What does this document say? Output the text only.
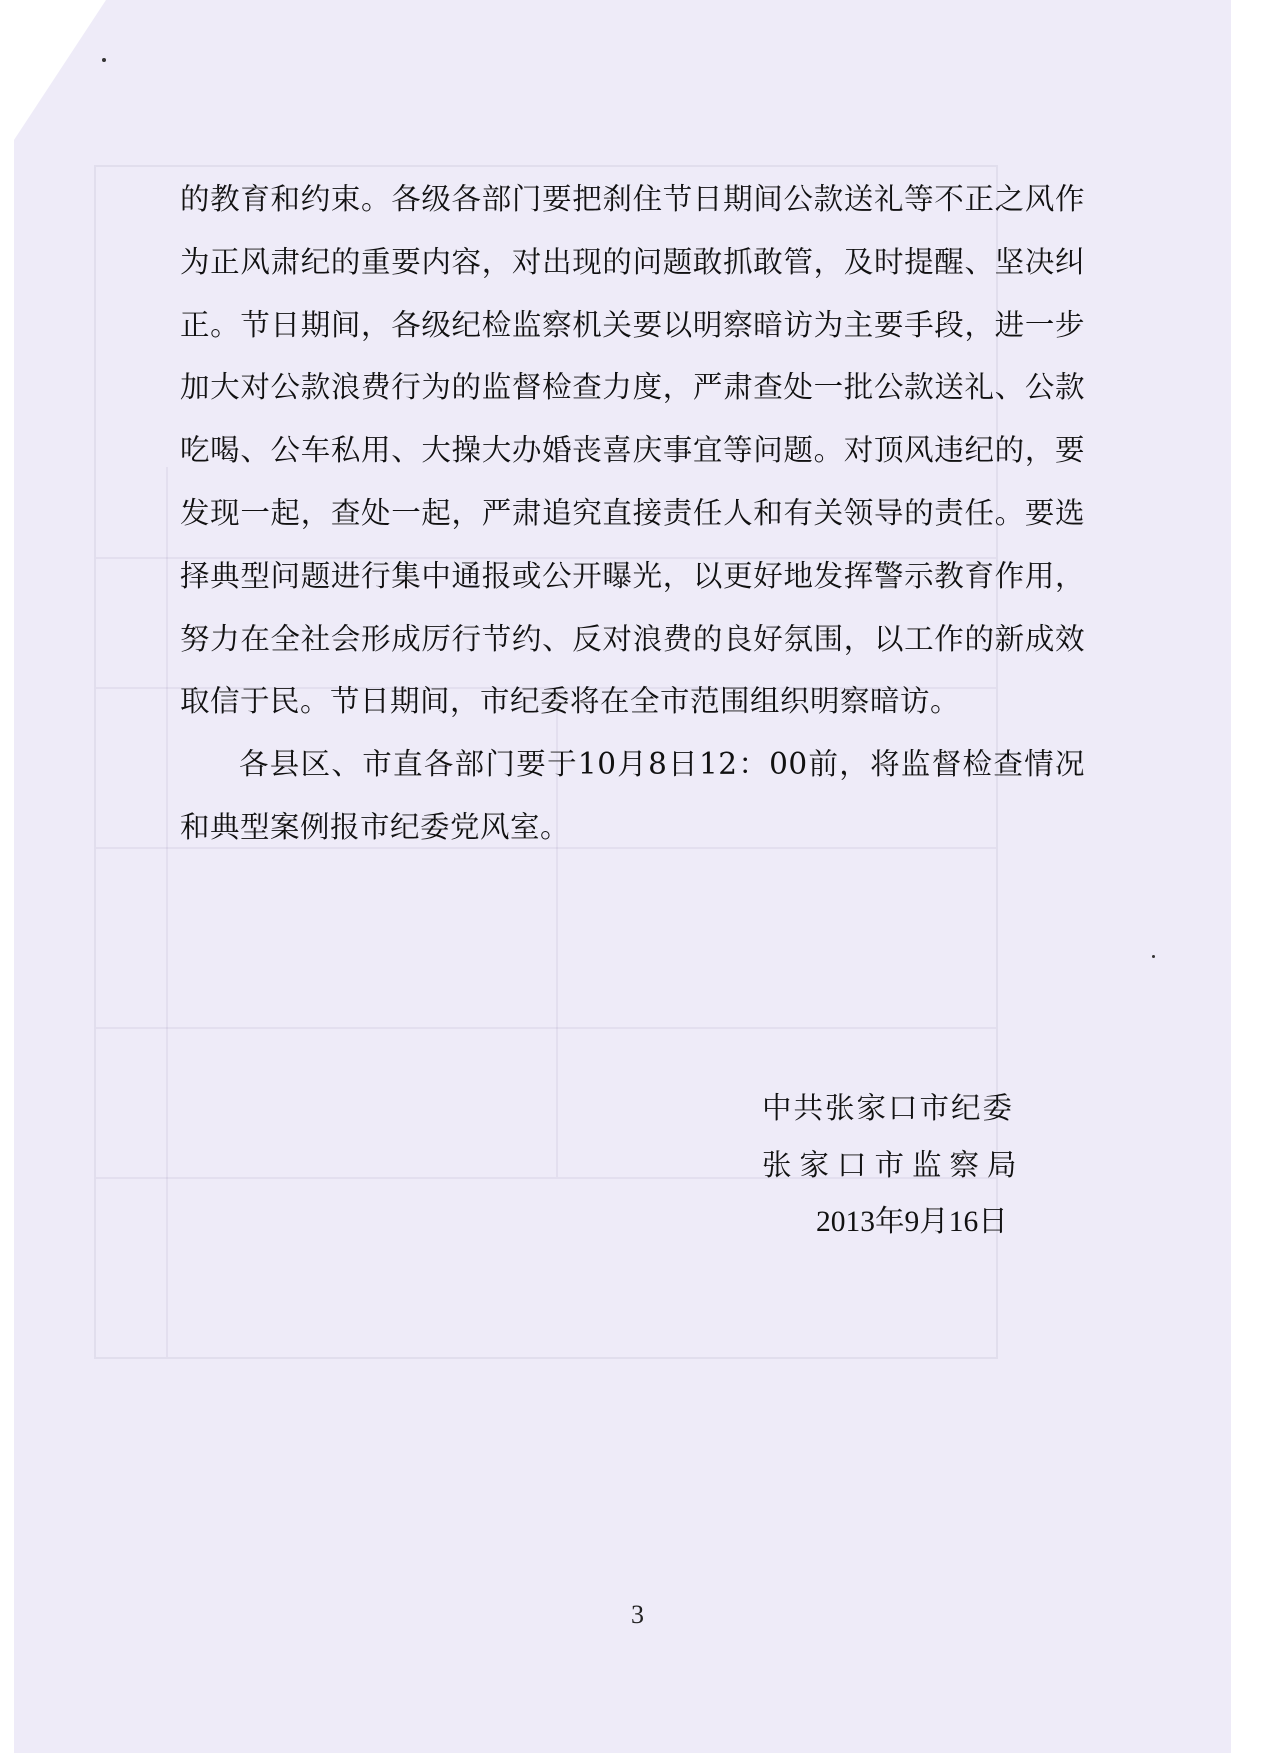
的教育和约束。各级各部门要把刹住节日期间公款送礼等不正之风作为正风肃纪的重要内容，对出现的问题敢抓敢管，及时提醒、坚决纠正。节日期间，各级纪检监察机关要以明察暗访为主要手段，进一步加大对公款浪费行为的监督检查力度，严肃查处一批公款送礼、公款吃喝、公车私用、大操大办婚丧喜庆事宜等问题。对顶风违纪的，要发现一起，查处一起，严肃追究直接责任人和有关领导的责任。要选择典型问题进行集中通报或公开曝光，以更好地发挥警示教育作用，努力在全社会形成厉行节约、反对浪费的良好氛围，以工作的新成效取信于民。节日期间，市纪委将在全市范围组织明察暗访。

各县区、市直各部门要于10月8日12：00前，将监督检查情况和典型案例报市纪委党风室。

中共张家口市纪委
张家口市监察局
2013年9月16日
3
